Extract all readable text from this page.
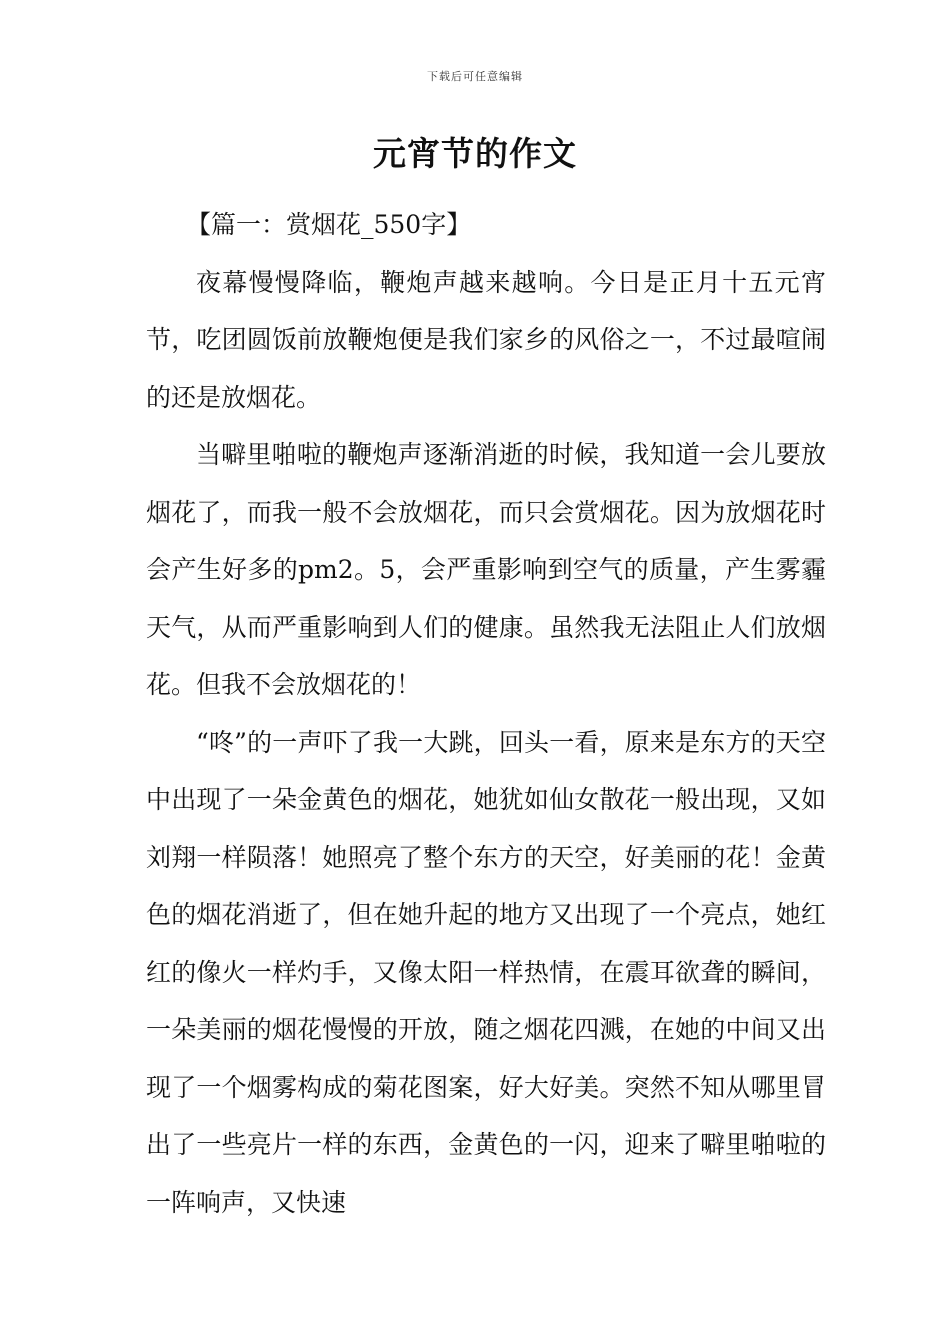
下载后可任意编辑
元宵节的作文
【篇一：赏烟花_550字】

夜幕慢慢降临，鞭炮声越来越响。今日是正月十五元宵节，吃团圆饭前放鞭炮便是我们家乡的风俗之一，不过最喧闹的还是放烟花。

当噼里啪啦的鞭炮声逐渐消逝的时候，我知道一会儿要放烟花了，而我一般不会放烟花，而只会赏烟花。因为放烟花时会产生好多的pm2。5，会严重影响到空气的质量，产生雾霾天气，从而严重影响到人们的健康。虽然我无法阻止人们放烟花。但我不会放烟花的！

“咚”的一声吓了我一大跳，回头一看，原来是东方的天空中出现了一朵金黄色的烟花，她犹如仙女散花一般出现，又如刘翔一样陨落！她照亮了整个东方的天空，好美丽的花！金黄色的烟花消逝了，但在她升起的地方又出现了一个亮点，她红红的像火一样灼手，又像太阳一样热情，在震耳欲聋的瞬间，一朵美丽的烟花慢慢的开放，随之烟花四溅，在她的中间又出现了一个烟雾构成的菊花图案，好大好美。突然不知从哪里冒出了一些亮片一样的东西，金黄色的一闪，迎来了噼里啪啦的一阵响声，又快速
